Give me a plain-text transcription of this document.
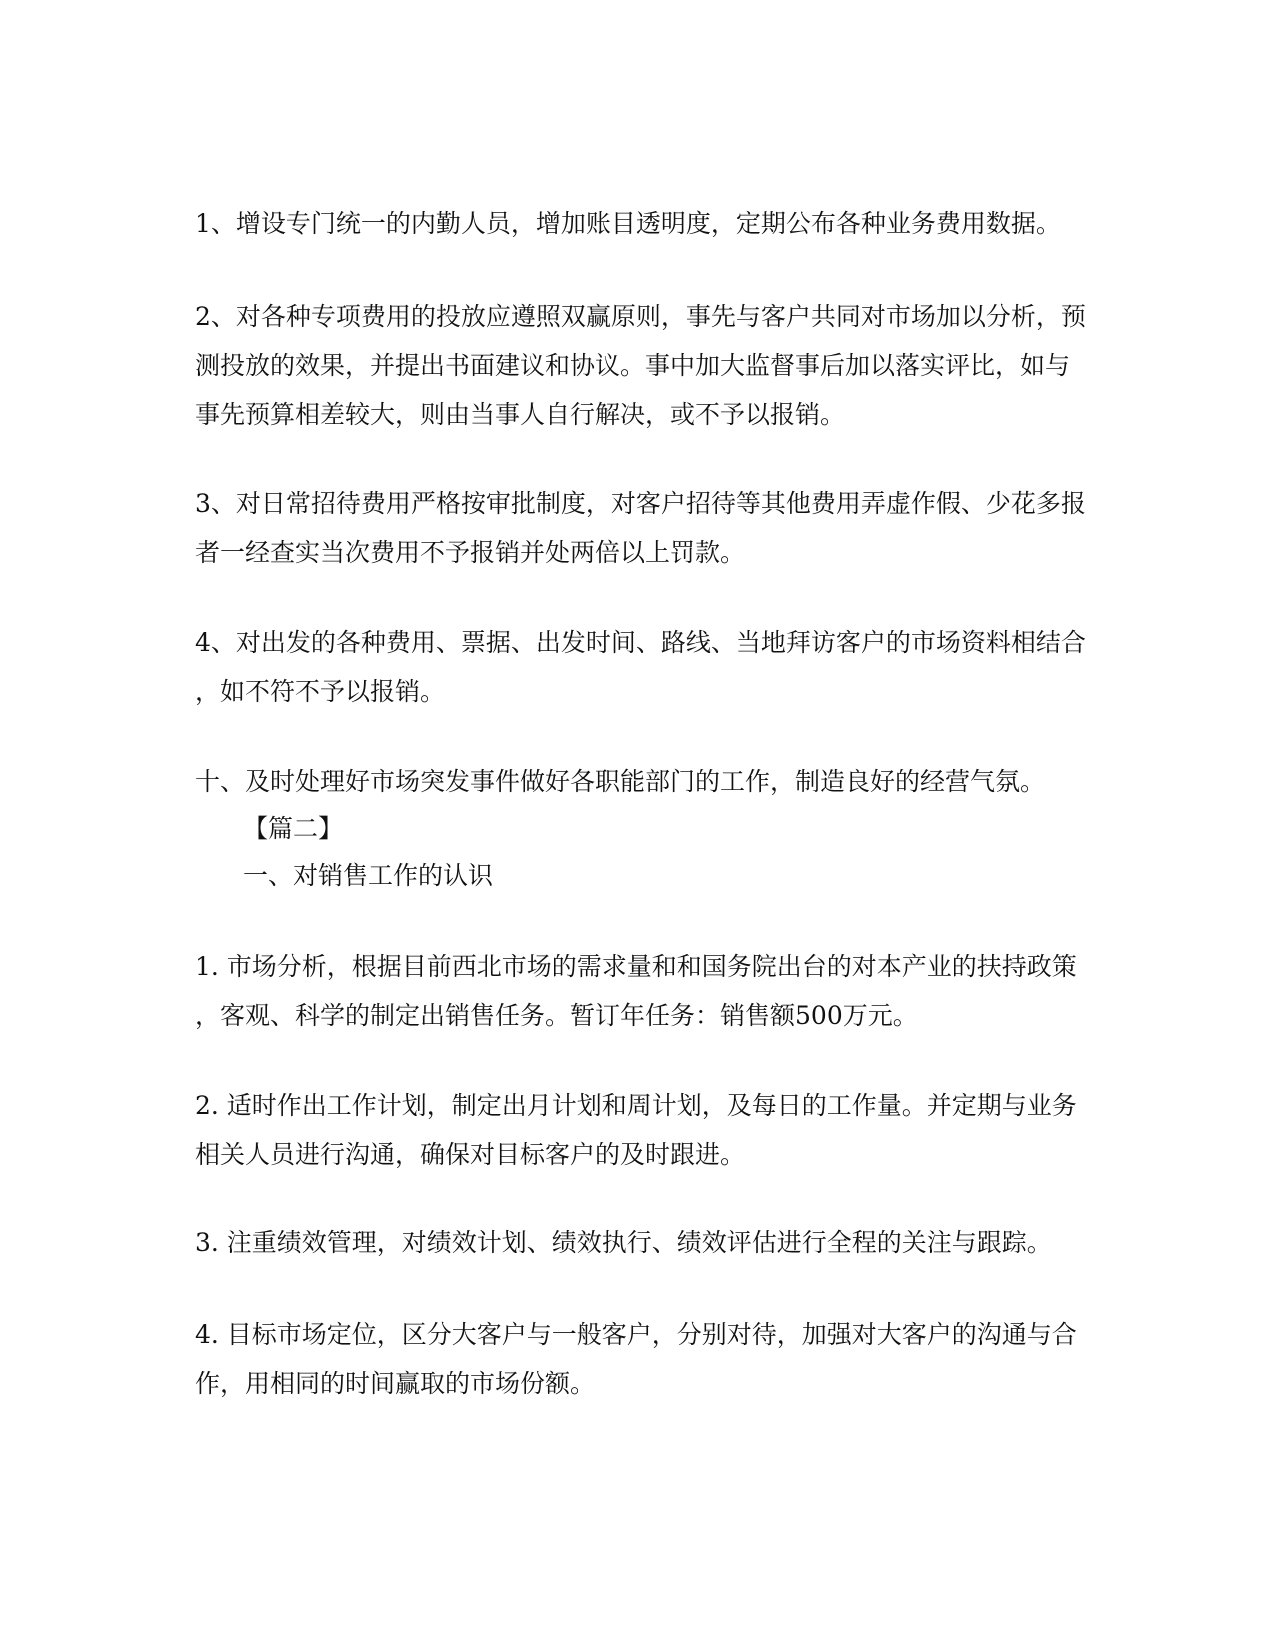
1、增设专门统一的内勤人员，增加账目透明度，定期公布各种业务费用数据。
2、对各种专项费用的投放应遵照双赢原则，事先与客户共同对市场加以分析，预
测投放的效果，并提出书面建议和协议。事中加大监督事后加以落实评比，如与
事先预算相差较大，则由当事人自行解决，或不予以报销。
3、对日常招待费用严格按审批制度，对客户招待等其他费用弄虚作假、少花多报
者一经查实当次费用不予报销并处两倍以上罚款。
4、对出发的各种费用、票据、出发时间、路线、当地拜访客户的市场资料相结合
，如不符不予以报销。
十、及时处理好市场突发事件做好各职能部门的工作，制造良好的经营气氛。
【篇二】
一、对销售工作的认识
1. 市场分析，根据目前西北市场的需求量和和国务院出台的对本产业的扶持政策
，客观、科学的制定出销售任务。暂订年任务：销售额500万元。
2. 适时作出工作计划，制定出月计划和周计划，及每日的工作量。并定期与业务
相关人员进行沟通，确保对目标客户的及时跟进。
3. 注重绩效管理，对绩效计划、绩效执行、绩效评估进行全程的关注与跟踪。
4. 目标市场定位，区分大客户与一般客户，分别对待，加强对大客户的沟通与合
作，用相同的时间赢取的市场份额。
